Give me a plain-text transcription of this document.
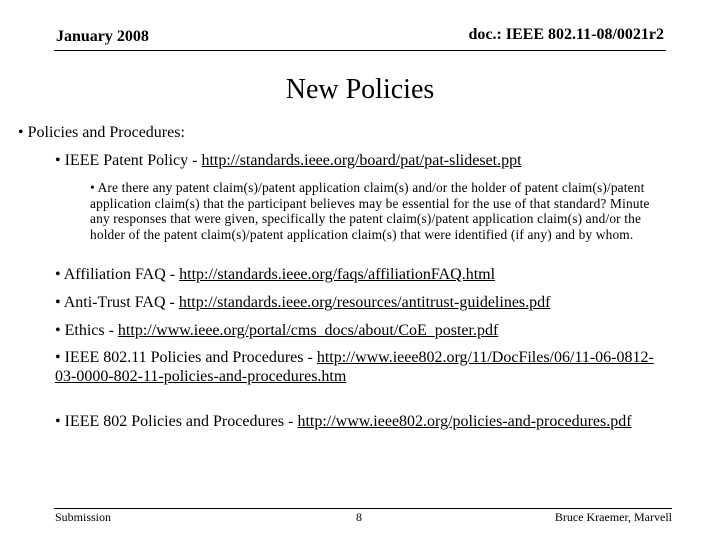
January 2008	doc.: IEEE 802.11-08/0021r2
New Policies
• Policies and Procedures:
• IEEE Patent Policy - http://standards.ieee.org/board/pat/pat-slideset.ppt
• Are there any patent claim(s)/patent application claim(s) and/or the holder of patent claim(s)/patent application claim(s) that the participant believes may be essential for the use of that standard? Minute any responses that were given, specifically the patent claim(s)/patent application claim(s) and/or the holder of the patent claim(s)/patent application claim(s) that were identified (if any) and by whom.
• Affiliation FAQ - http://standards.ieee.org/faqs/affiliationFAQ.html
• Anti-Trust FAQ - http://standards.ieee.org/resources/antitrust-guidelines.pdf
• Ethics - http://www.ieee.org/portal/cms_docs/about/CoE_poster.pdf
• IEEE 802.11 Policies and Procedures - http://www.ieee802.org/11/DocFiles/06/11-06-0812-03-0000-802-11-policies-and-procedures.htm
• IEEE 802 Policies and Procedures - http://www.ieee802.org/policies-and-procedures.pdf
Submission	8	Bruce Kraemer, Marvell
